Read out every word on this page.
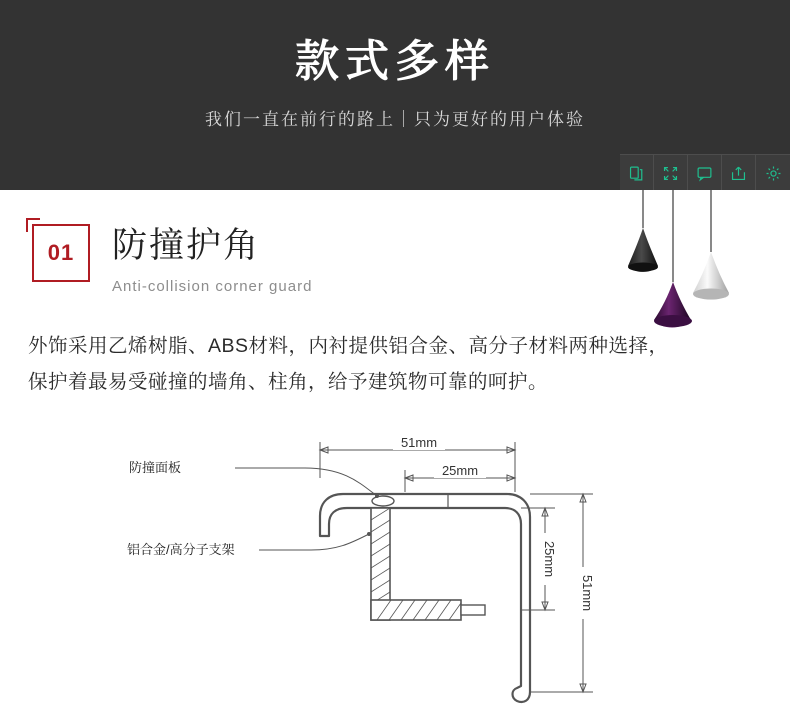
款式多样
我们一直在前行的路上｜只为更好的用户体验
01	防撞护角
Anti-collision corner guard
外饰采用乙烯树脂、ABS材料，内衬提供铝合金、高分子材料两种选择，
保护着最易受碰撞的墙角、柱角，给予建筑物可靠的呵护。
51mm
25mm
25mm
51mm
防撞面板
铝合金/高分子支架
